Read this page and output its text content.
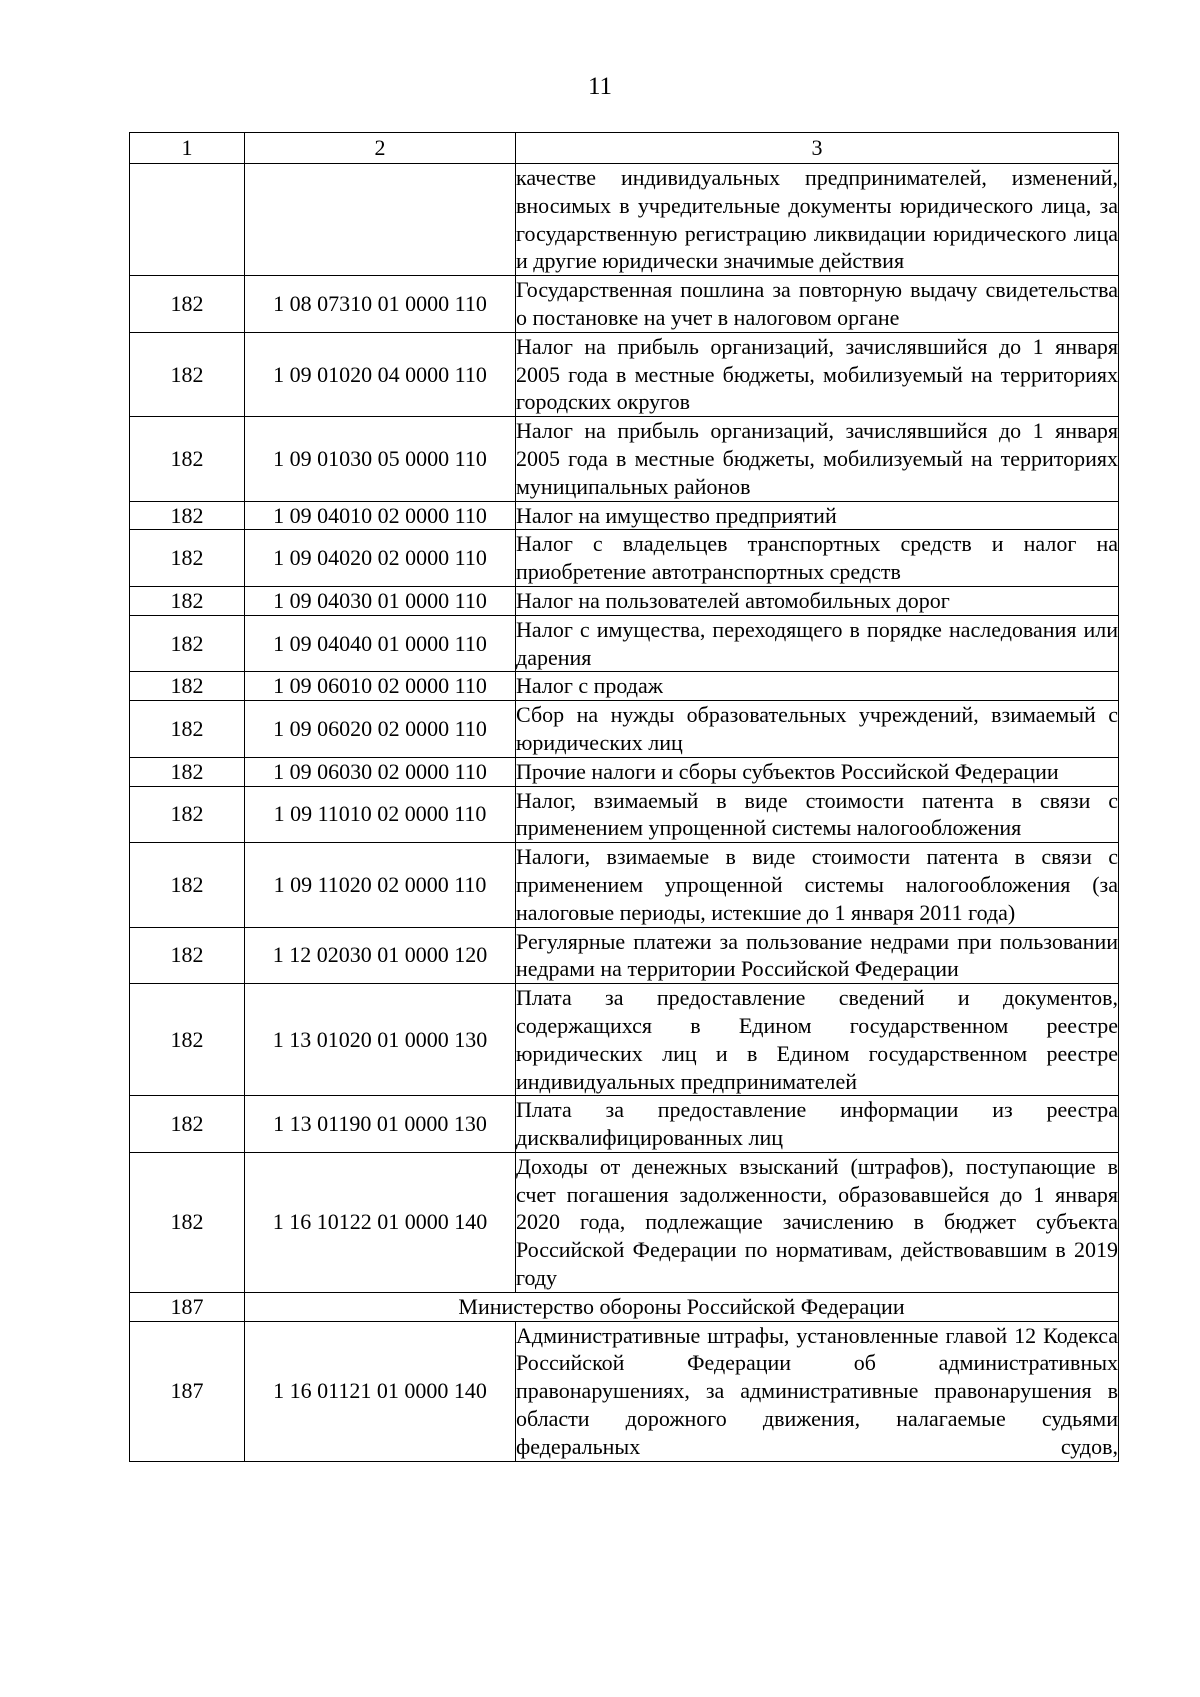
11
1	2	3
		качестве индивидуальных предпринимателей, изменений, вносимых в учредительные документы юридического лица, за государственную регистрацию ликвидации юридического лица и другие юридически значимые действия
182	1 08 07310 01 0000 110	Государственная пошлина за повторную выдачу свидетельства о постановке на учет в налоговом органе
182	1 09 01020 04 0000 110	Налог на прибыль организаций, зачислявшийся до 1 января 2005 года в местные бюджеты, мобилизуемый на территориях городских округов
182	1 09 01030 05 0000 110	Налог на прибыль организаций, зачислявшийся до 1 января 2005 года в местные бюджеты, мобилизуемый на территориях муниципальных районов
182	1 09 04010 02 0000 110	Налог на имущество предприятий
182	1 09 04020 02 0000 110	Налог с владельцев транспортных средств и налог на приобретение автотранспортных средств
182	1 09 04030 01 0000 110	Налог на пользователей автомобильных дорог
182	1 09 04040 01 0000 110	Налог с имущества, переходящего в порядке наследования или дарения
182	1 09 06010 02 0000 110	Налог с продаж
182	1 09 06020 02 0000 110	Сбор на нужды образовательных учреждений, взимаемый с юридических лиц
182	1 09 06030 02 0000 110	Прочие налоги и сборы субъектов Российской Федерации
182	1 09 11010 02 0000 110	Налог, взимаемый в виде стоимости патента в связи с применением упрощенной системы налогообложения
182	1 09 11020 02 0000 110	Налоги, взимаемые в виде стоимости патента в связи с применением упрощенной системы налогообложения (за налоговые периоды, истекшие до 1 января 2011 года)
182	1 12 02030 01 0000 120	Регулярные платежи за пользование недрами при пользовании недрами на территории Российской Федерации
182	1 13 01020 01 0000 130	Плата за предоставление сведений и документов, содержащихся в Едином государственном реестре юридических лиц и в Едином государственном реестре индивидуальных предпринимателей
182	1 13 01190 01 0000 130	Плата за предоставление информации из реестра дисквалифицированных лиц
182	1 16 10122 01 0000 140	Доходы от денежных взысканий (штрафов), поступающие в счет погашения задолженности, образовавшейся до 1 января 2020 года, подлежащие зачислению в бюджет субъекта Российской Федерации по нормативам, действовавшим в 2019 году
187	Министерство обороны Российской Федерации	
187	1 16 01121 01 0000 140	Административные штрафы, установленные главой 12 Кодекса Российской Федерации об административных правонарушениях, за административные правонарушения в области дорожного движения, налагаемые судьями федеральных судов,
